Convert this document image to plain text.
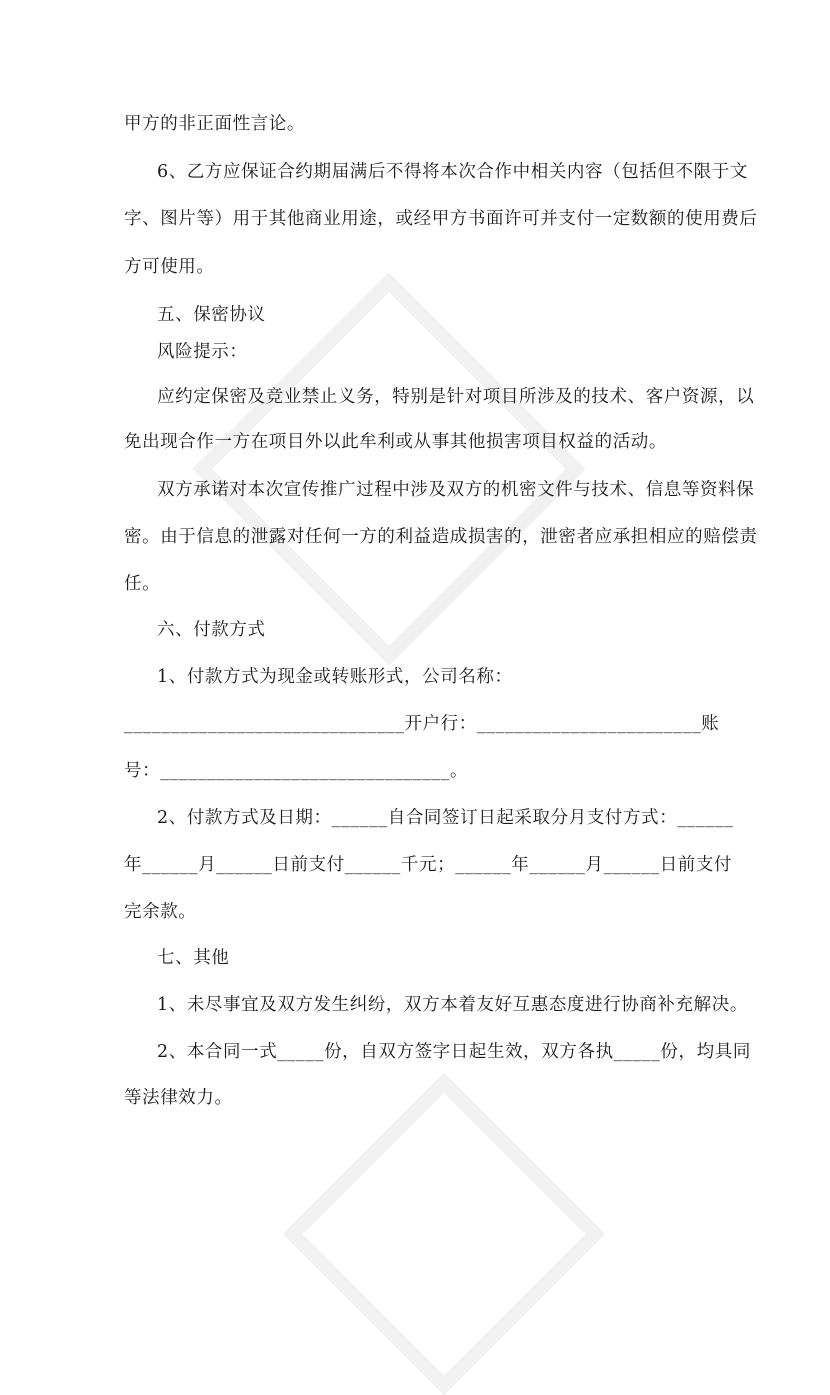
甲方的非正面性言论。
6、乙方应保证合约期届满后不得将本次合作中相关内容（包括但不限于文
字、图片等）用于其他商业用途，或经甲方书面许可并支付一定数额的使用费后
方可使用。
五、保密协议
风险提示：
应约定保密及竞业禁止义务，特别是针对项目所涉及的技术、客户资源，以
免出现合作一方在项目外以此牟利或从事其他损害项目权益的活动。
双方承诺对本次宣传推广过程中涉及双方的机密文件与技术、信息等资料保
密。由于信息的泄露对任何一方的利益造成损害的，泄密者应承担相应的赔偿责
任。
六、付款方式
1、付款方式为现金或转账形式，公司名称：
______________________________开户行：________________________账
号：_______________________________。
2、付款方式及日期：______自合同签订日起采取分月支付方式：______
年______月______日前支付______千元；______年______月______日前支付
完余款。
七、其他
1、未尽事宜及双方发生纠纷，双方本着友好互惠态度进行协商补充解决。
2、本合同一式_____份，自双方签字日起生效，双方各执_____份，均具同
等法律效力。
